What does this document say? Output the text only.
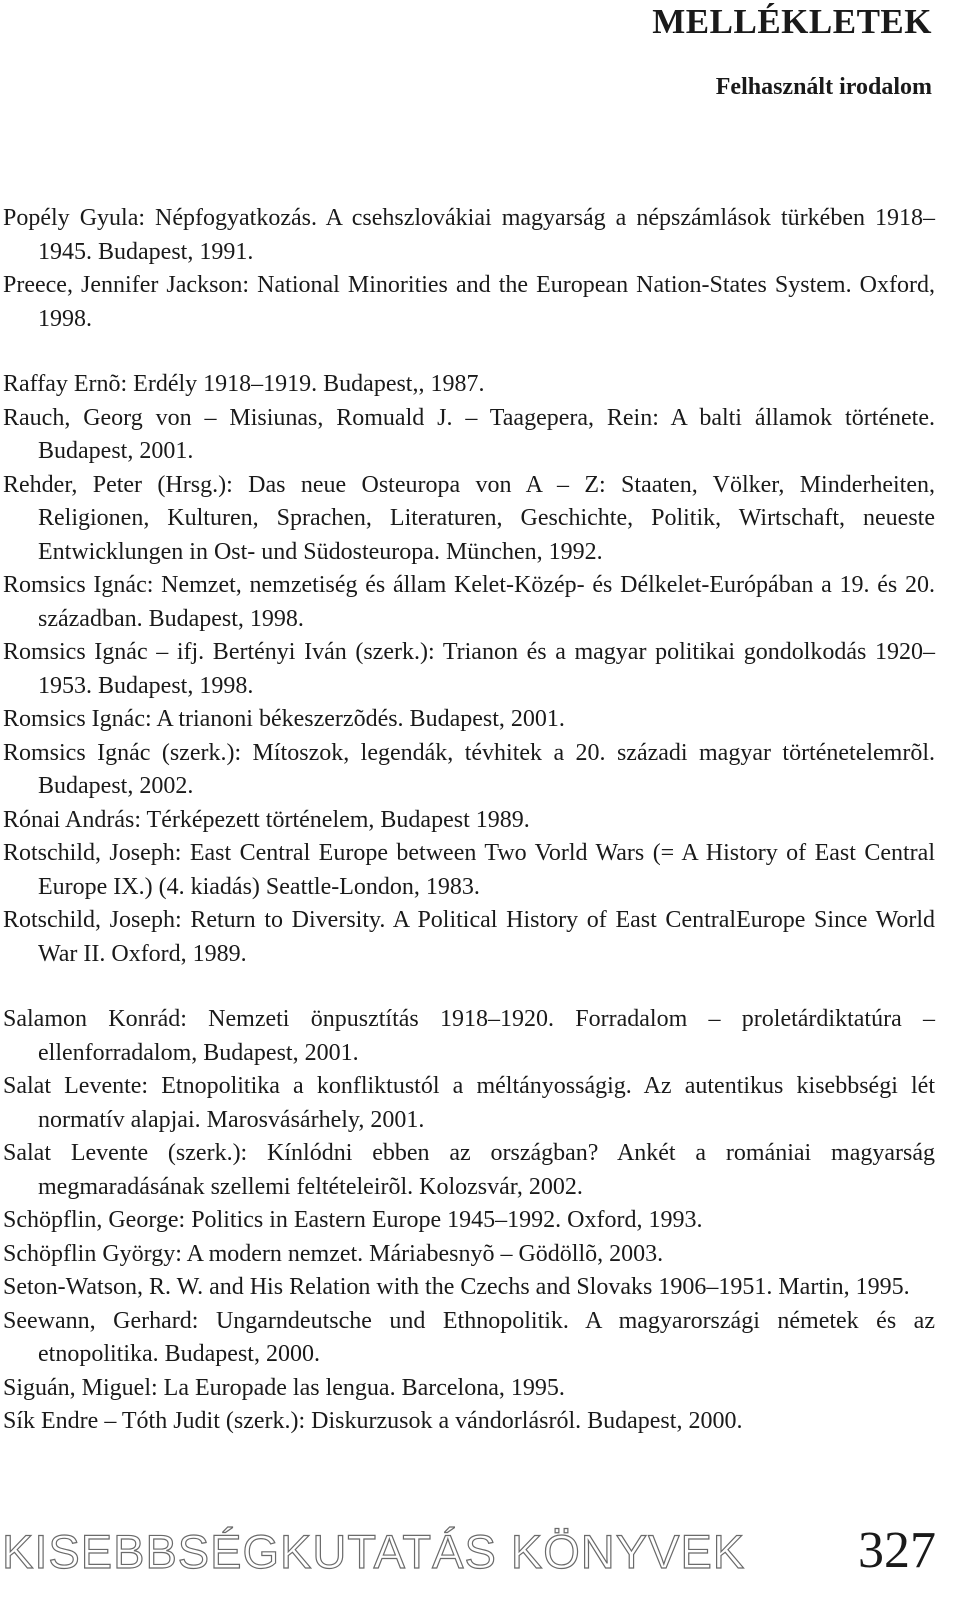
MELLÉKLETEK
Felhasznált irodalom
Popély Gyula: Népfogyatkozás. A csehszlovákiai magyarság a népszámlások türkében 1918–1945. Budapest, 1991.
Preece, Jennifer Jackson: National Minorities and the European Nation-States System. Oxford, 1998.
Raffay Ernõ: Erdély 1918–1919. Budapest,, 1987.
Rauch, Georg von – Misiunas, Romuald J. – Taagepera, Rein: A balti államok története. Budapest, 2001.
Rehder, Peter (Hrsg.): Das neue Osteuropa von A – Z: Staaten, Völker, Minderheiten, Religionen, Kulturen, Sprachen, Literaturen, Geschichte, Politik, Wirtschaft, neueste Entwicklungen in Ost- und Südosteuropa. München, 1992.
Romsics Ignác: Nemzet, nemzetiség és állam Kelet-Közép- és Délkelet-Európában a 19. és 20. században. Budapest, 1998.
Romsics Ignác – ifj. Bertényi Iván (szerk.): Trianon és a magyar politikai gondolkodás 1920–1953. Budapest, 1998.
Romsics Ignác: A trianoni békeszerzõdés. Budapest, 2001.
Romsics Ignác (szerk.): Mítoszok, legendák, tévhitek a 20. századi magyar történetelemrõl. Budapest, 2002.
Rónai András: Térképezett történelem, Budapest 1989.
Rotschild, Joseph: East Central Europe between Two Vorld Wars (= A History of East Central Europe IX.) (4. kiadás) Seattle-London, 1983.
Rotschild, Joseph: Return to Diversity. A Political History of East CentralEurope Since World War II. Oxford, 1989.
Salamon Konrád: Nemzeti önpusztítás 1918–1920. Forradalom – proletárdiktatúra – ellenforradalom, Budapest, 2001.
Salat Levente: Etnopolitika a konfliktustól a méltányosságig. Az autentikus kisebbségi lét normatív alapjai. Marosvásárhely, 2001.
Salat Levente (szerk.): Kínlódni ebben az országban? Ankét a romániai magyarság megmaradásának szellemi feltételeirõl. Kolozsvár, 2002.
Schöpflin, George: Politics in Eastern Europe 1945–1992. Oxford, 1993.
Schöpflin György: A modern nemzet. Máriabesnyõ – Gödöllõ, 2003.
Seton-Watson, R. W. and His Relation with the Czechs and Slovaks 1906–1951. Martin, 1995.
Seewann, Gerhard: Ungarndeutsche und Ethnopolitik. A magyarországi németek és az etnopolitika. Budapest, 2000.
Siguán, Miguel: La Europade las lengua. Barcelona, 1995.
Sík Endre – Tóth Judit (szerk.): Diskurzusok a vándorlásról. Budapest, 2000.
KISEBBSÉGKUTATÁS KÖNYVEK 327
